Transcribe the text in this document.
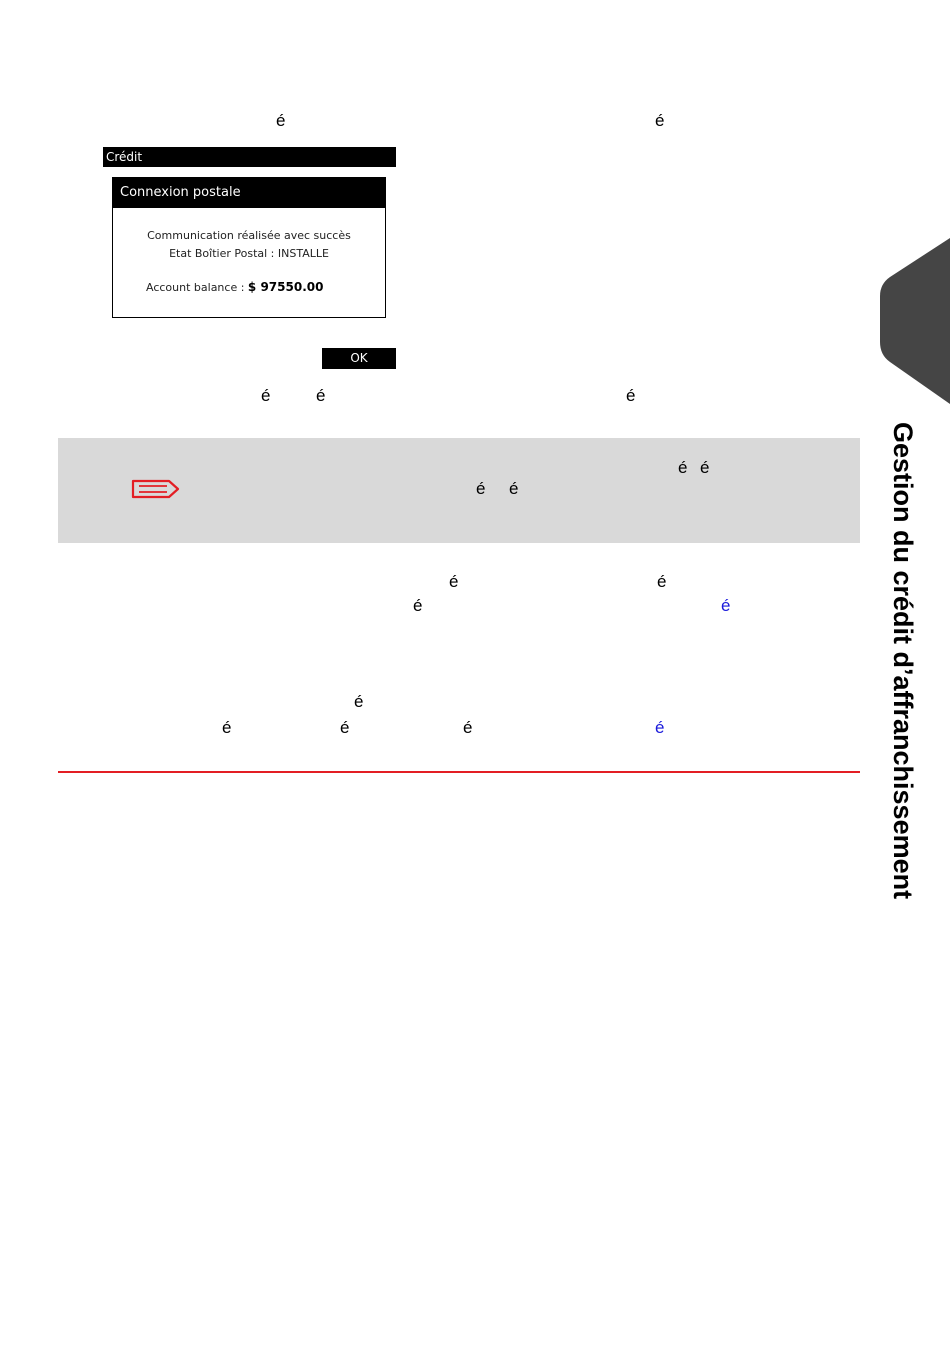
é	é
Crédit
Connexion postale
Communication réalisée avec succès
Etat Boîtier Postal : INSTALLE
Account balance : $ 97550.00
OK
é	é	é
é é
é é
é	é
é	é
é
é	é	é	é	Gestion du crédit d’affranchissement
